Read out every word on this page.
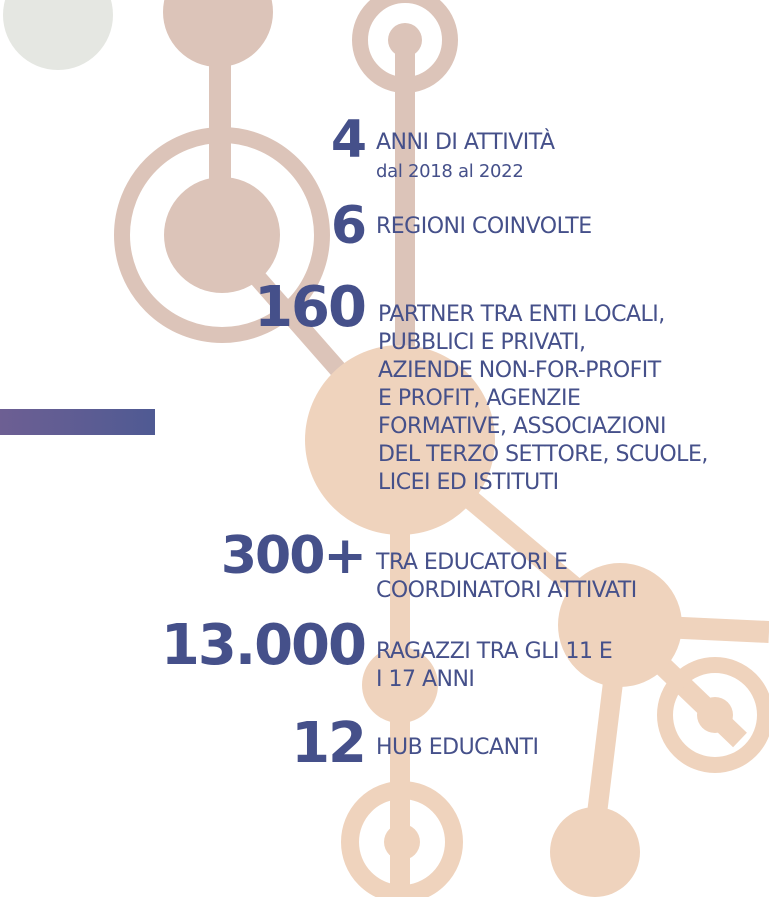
4 ANNI DI ATTIVITÀ
dal 2018 al 2022
6 REGIONI COINVOLTE
160 PARTNER TRA ENTI LOCALI,
PUBBLICI E PRIVATI,
AZIENDE NON-FOR-PROFIT
E PROFIT, AGENZIE
FORMATIVE, ASSOCIAZIONI
DEL TERZO SETTORE, SCUOLE,
LICEI ED ISTITUTI
300+ TRA EDUCATORI E
COORDINATORI ATTIVATI
13.000 RAGAZZI TRA GLI 11 E
I 17 ANNI
12 HUB EDUCANTI
